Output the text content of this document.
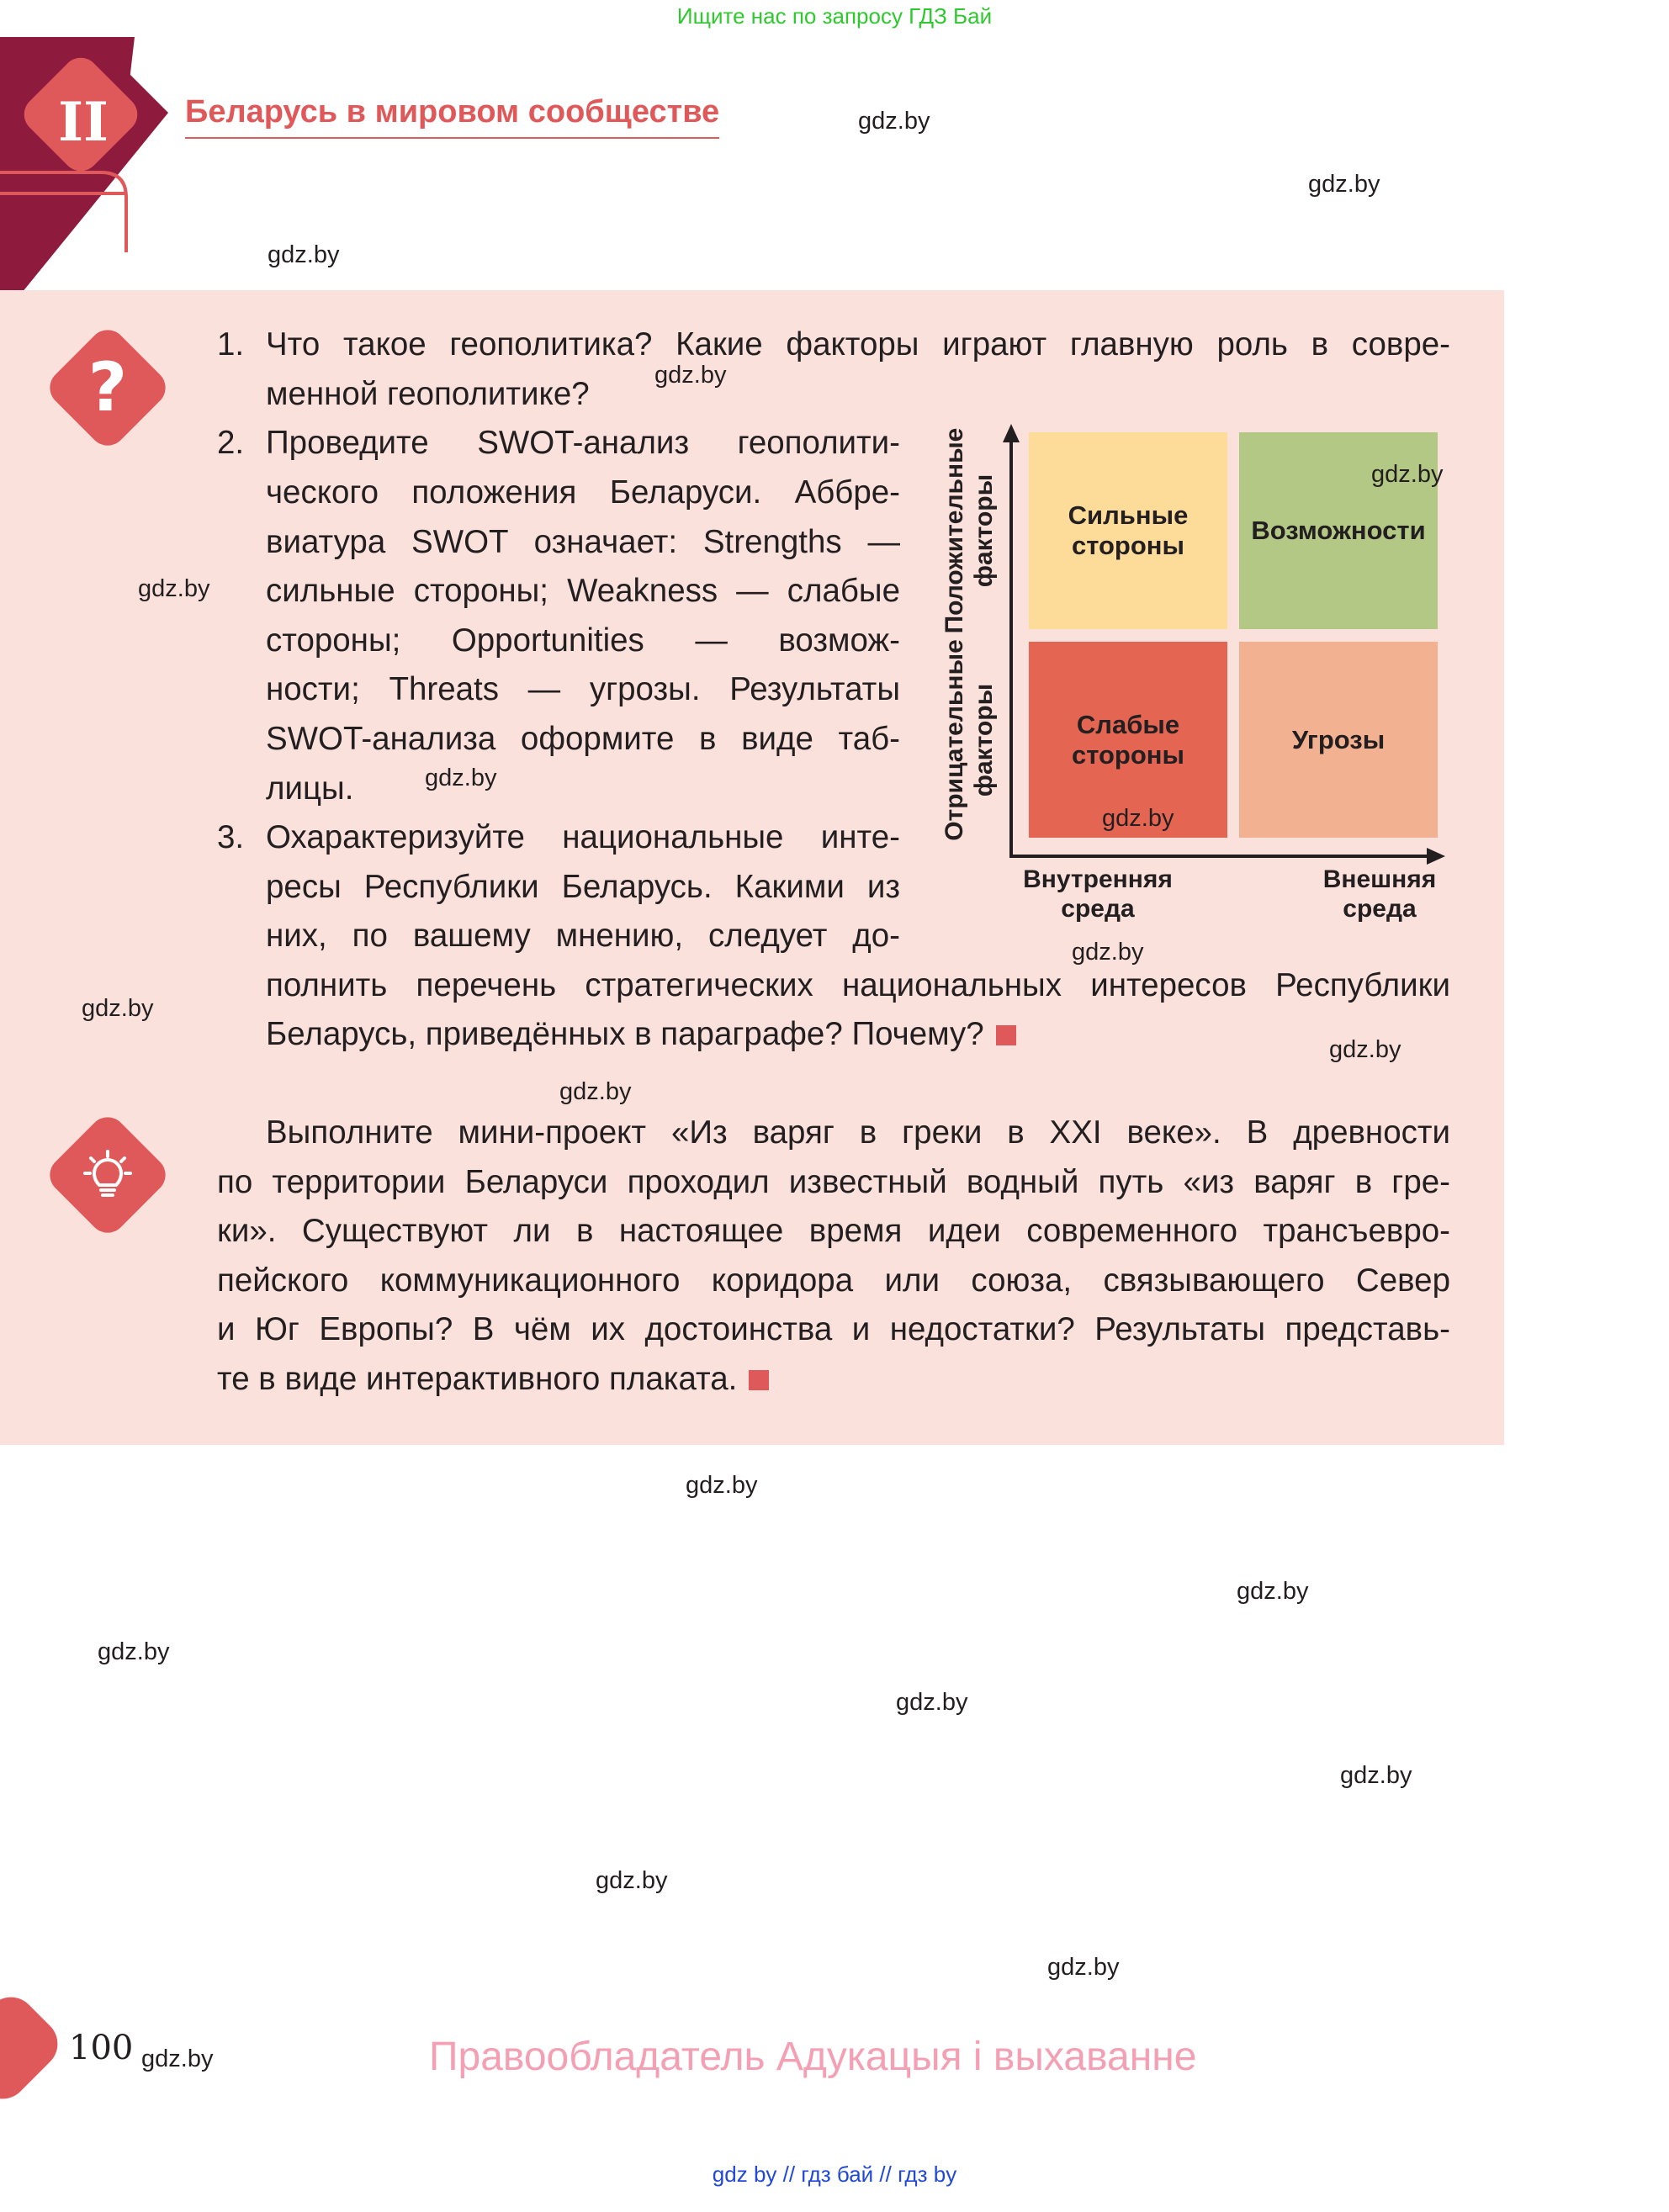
Ищите нас по запросу ГДЗ Бай
II	Беларусь в мировом сообществе
?
1. Что такое геополитика? Какие факторы играют главную роль в совре-
менной геополитике?
2. Проведите SWOT-анализ геополити-
ческого положения Беларуси. Аббре-
виатура SWOT означает: Strengths —
сильные стороны; Weakness — слабые
стороны; Opportunities — возмож-
ности; Threats — угрозы. Результаты
SWOT-анализа оформите в виде таб-
лицы.
3. Охарактеризуйте национальные инте-
ресы Республики Беларусь. Какими из
них, по вашему мнению, следует до-
полнить перечень стратегических национальных интересов Республики
Беларусь, приведённых в параграфе? Почему?
Сильные
стороны
Возможности
Слабые
стороны
Угрозы
Положительные
факторы
Отрицательные
факторы
Внутренняя
среда
Внешняя
среда
Выполните мини-проект «Из варяг в греки в XXI веке». В древности
по территории Беларуси проходил известный водный путь «из варяг в гре-
ки». Существуют ли в настоящее время идеи современного трансъевро-
пейского коммуникационного коридора или союза, связывающего Север
и Юг Европы? В чём их достоинства и недостатки? Результаты представь-
те в виде интерактивного плаката.
gdz.by
gdz.by
gdz.by
gdz.by
gdz.by
gdz.by
gdz.by
gdz.by
gdz.by
gdz.by
gdz.by
gdz.by
gdz.by
gdz.by
gdz.by
gdz.by
gdz.by
gdz.by
gdz.by
gdz.by
100	Правообладатель Адукацыя і выхаванне
gdz by // гдз бай // гдз by
